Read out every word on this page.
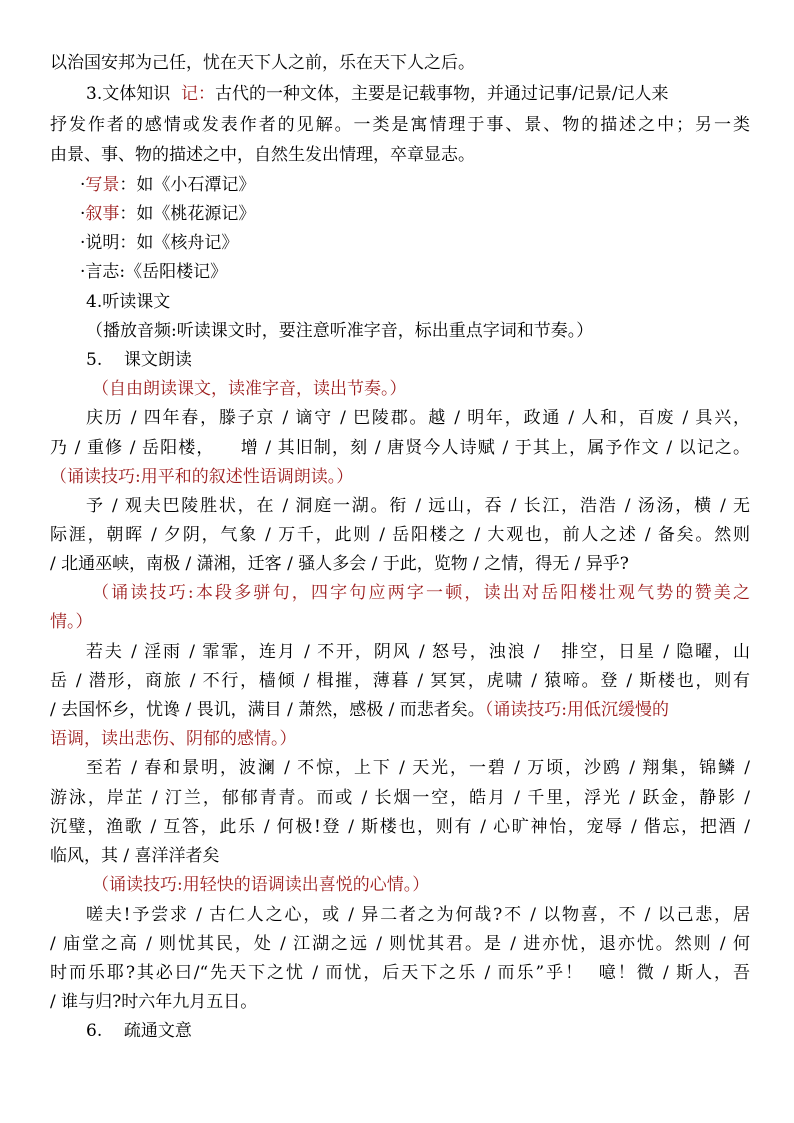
以治国安邦为己任，忧在天下人之前，乐在天下人之后。
3.文体知识  记：古代的一种文体，主要是记载事物，并通过记事/记景/记人来
抒发作者的感情或发表作者的见解。一类是寓情理于事、景、物的描述之中；另一类
由景、事、物的描述之中，自然生发出情理，卒章显志。
·写景：如《小石潭记》
·叙事：如《桃花源记》
·说明：如《核舟记》
·言志:《岳阳楼记》
4.听读课文
（播放音频:听读课文时，要注意听准字音，标出重点字词和节奏。）
5.    课文朗读
（自由朗读课文，读准字音，读出节奏。）
庆历 / 四年春，滕子京 / 谪守 / 巴陵郡。越 / 明年，政通 / 人和，百废 / 具兴，
乃 / 重修 / 岳阳楼，    增 / 其旧制，刻 / 唐贤今人诗赋 / 于其上，属予作文 / 以记之。
（诵读技巧:用平和的叙述性语调朗读。）
予 / 观夫巴陵胜状，在 / 洞庭一湖。衔 / 远山，吞 / 长江，浩浩 / 汤汤，横 / 无
际涯，朝晖 / 夕阴，气象 / 万千，此则 / 岳阳楼之 / 大观也，前人之述 / 备矣。然则
/ 北通巫峡，南极 / 潇湘，迁客 / 骚人多会 / 于此，览物 / 之情，得无 / 异乎?
（诵读技巧:本段多骈句，四字句应两字一顿，读出对岳阳楼壮观气势的赞美之
情。）
若夫 / 淫雨 / 霏霏，连月 / 不开，阴风 / 怒号，浊浪 /   排空，日星 / 隐曜，山
岳 / 潜形，商旅 / 不行，樯倾 / 楫摧，薄暮 / 冥冥，虎啸 / 猿啼。登 / 斯楼也，则有
/ 去国怀乡，忧谗 / 畏讥，满目 / 萧然，感极 / 而悲者矣。（诵读技巧:用低沉缓慢的
语调，读出悲伤、阴郁的感情。）
至若 / 春和景明，波澜 / 不惊，上下 / 天光，一碧 / 万顷，沙鸥 / 翔集，锦鳞 /
游泳，岸芷 / 汀兰，郁郁青青。而或 / 长烟一空，皓月 / 千里，浮光 / 跃金，静影 /
沉璧，渔歌 / 互答，此乐 / 何极!登 / 斯楼也，则有 / 心旷神怡，宠辱 / 偕忘，把酒 /
临风，其 / 喜洋洋者矣
（诵读技巧:用轻快的语调读出喜悦的心情。）
嗟夫!予尝求 / 古仁人之心，或 / 异二者之为何哉?不 / 以物喜，不 / 以己悲，居
/ 庙堂之高 / 则忧其民，处 / 江湖之远 / 则忧其君。是 / 进亦忧，退亦忧。然则 / 何
时而乐耶?其必曰/“先天下之忧 / 而忧，后天下之乐 / 而乐”乎！  噫！微 / 斯人，吾
/ 谁与归?时六年九月五日。
6.    疏通文意
